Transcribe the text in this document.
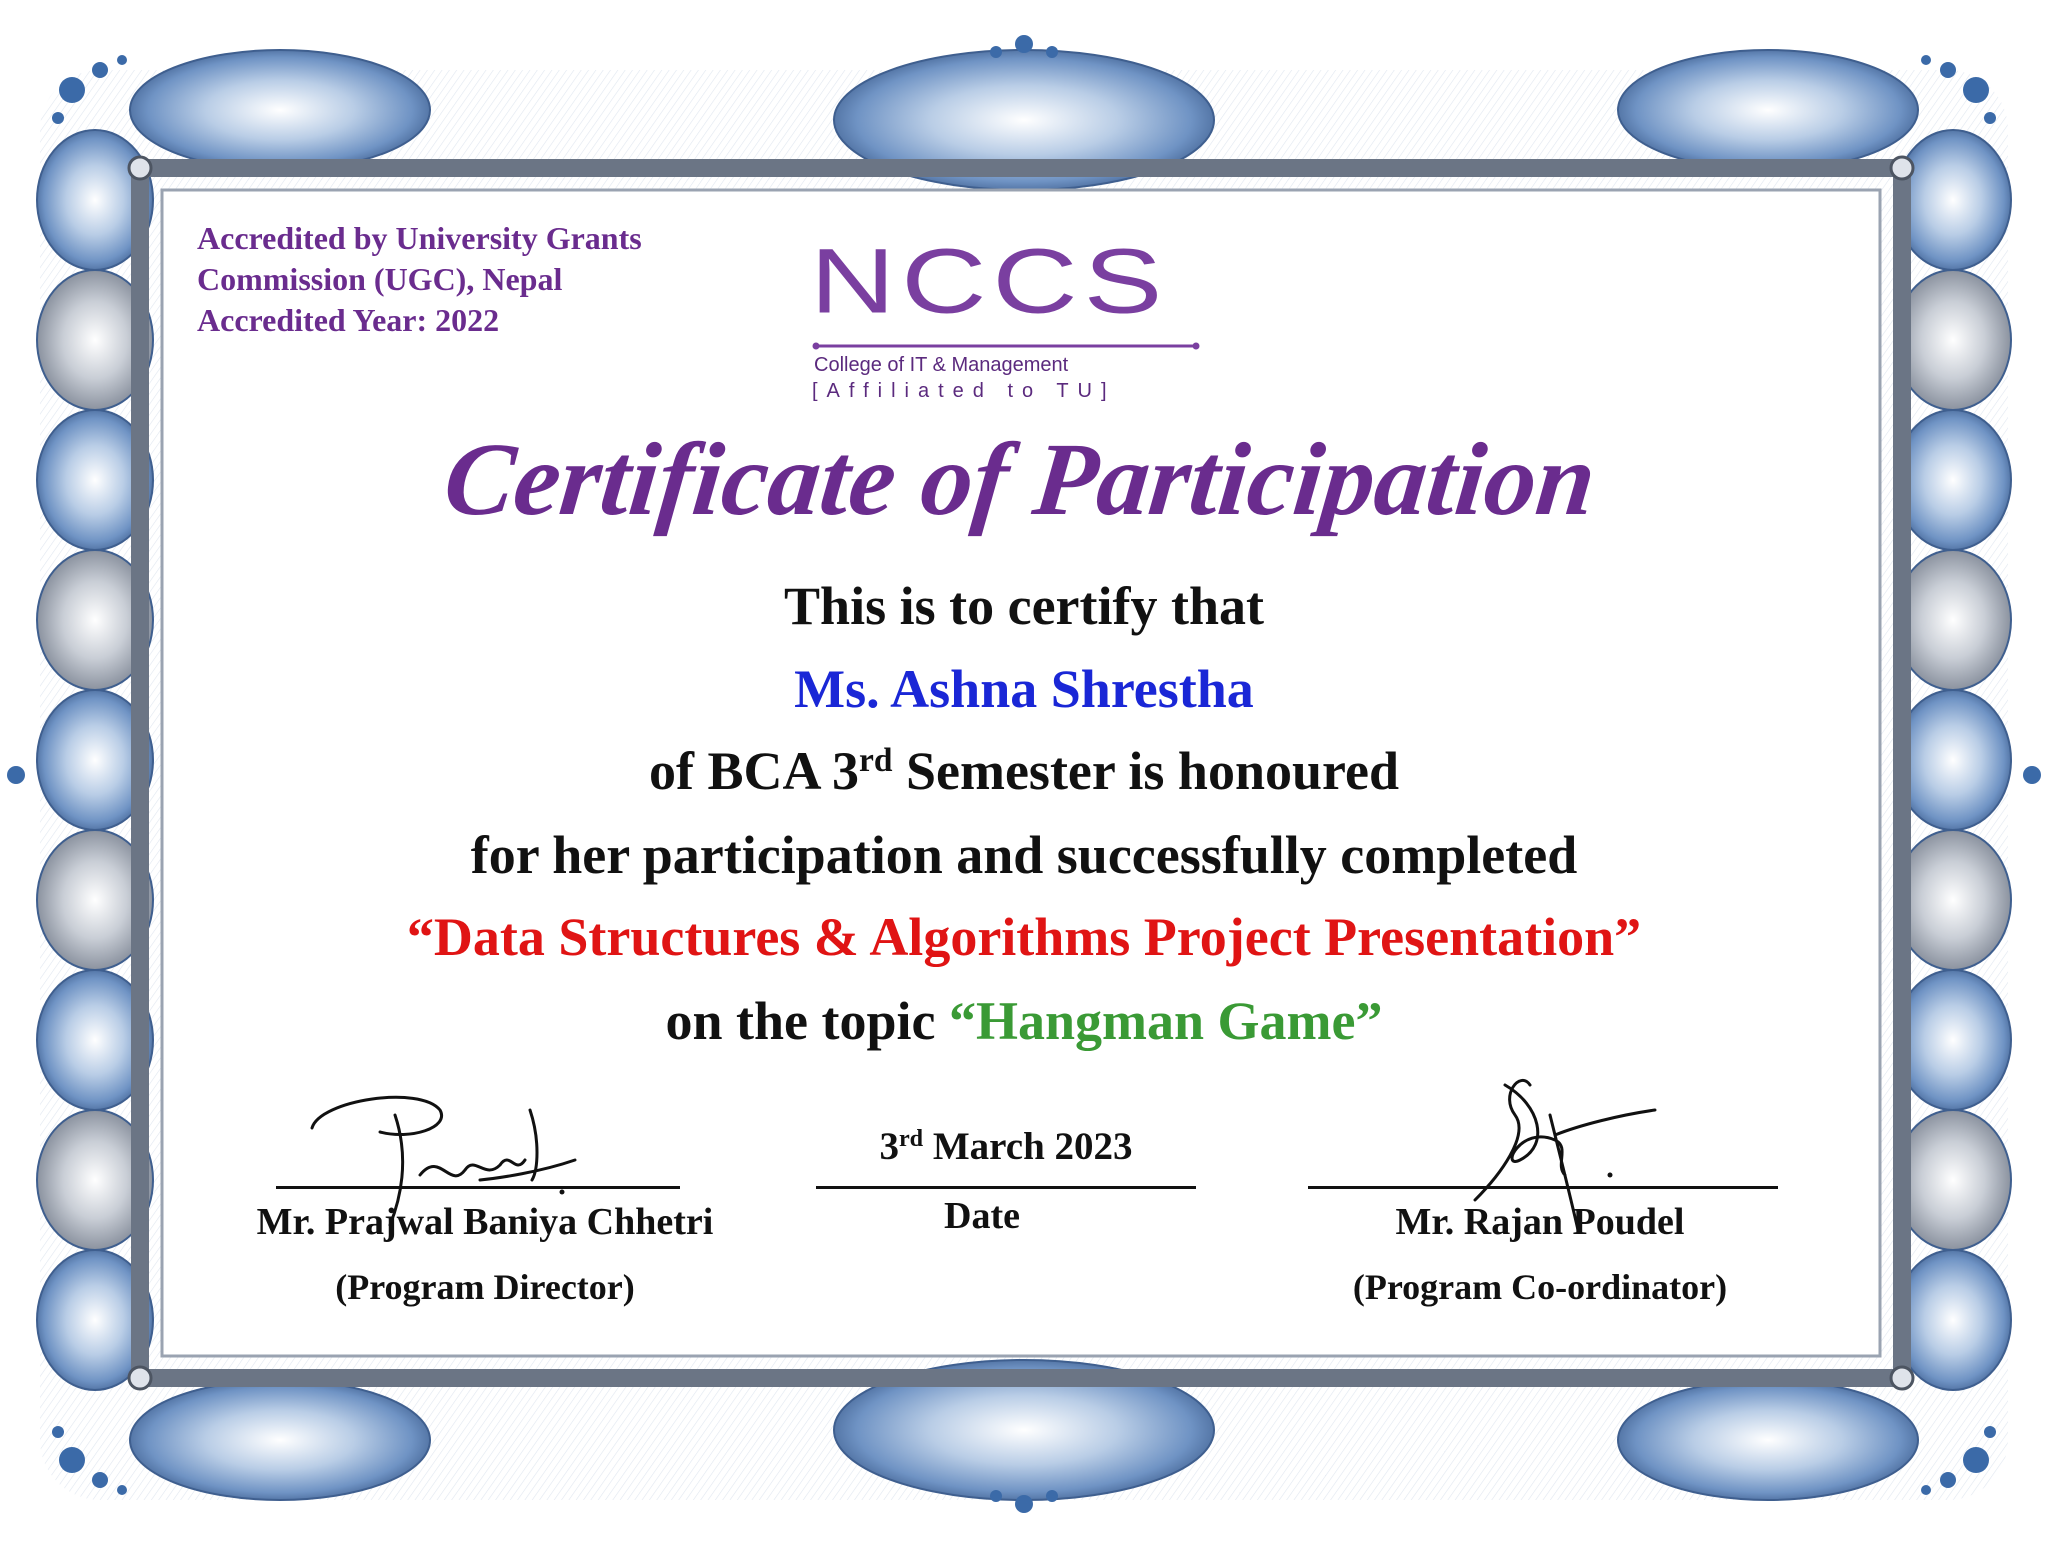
Accredited by University Grants
Commission (UGC), Nepal
Accredited Year: 2022	NCCS
College of IT & Management
[Affiliated to TU]
Certificate of Participation
This is to certify that
Ms. Ashna Shrestha
of BCA 3rd Semester is honoured
for her participation and successfully completed
“Data Structures & Algorithms Project Presentation”
on the topic “Hangman Game”
Mr. Prajwal Baniya Chhetri
(Program Director)
3rd March 2023
Date	Mr. Rajan Poudel
(Program Co-ordinator)
